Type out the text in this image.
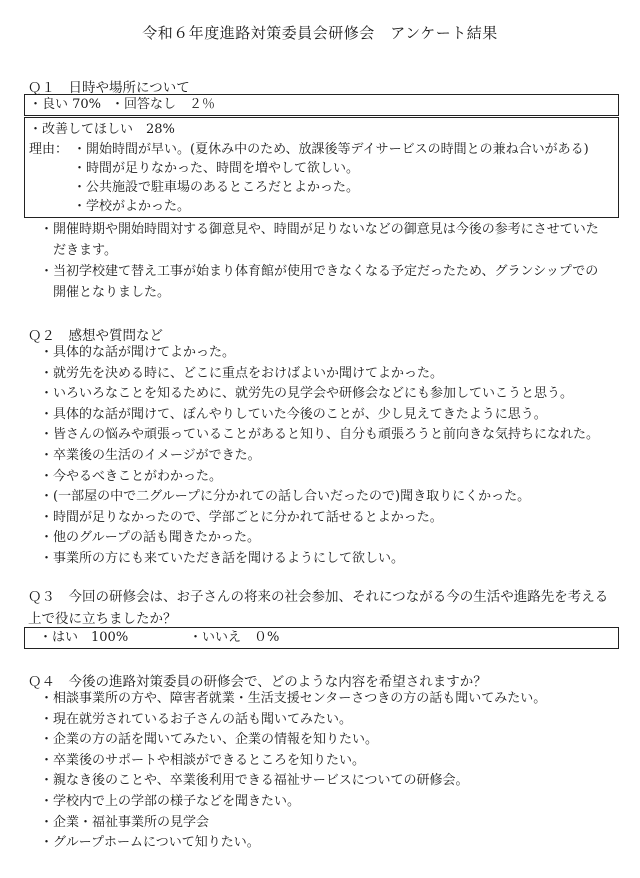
令和６年度進路対策委員会研修会　アンケート結果
Ｑ１　日時や場所について
・良い 70% ・回答なし　２％
・改善してほしい　28%
理由： ・開始時間が早い。(夏休み中のため、放課後等デイサービスの時間との兼ね合いがある)
・時間が足りなかった、時間を増やして欲しい。
・公共施設で駐車場のあるところだとよかった。
・学校がよかった。
・開催時期や開始時間対する御意見や、時間が足りないなどの御意見は今後の参考にさせていた
だきます。
・当初学校建て替え工事が始まり体育館が使用できなくなる予定だったため、グランシップでの
開催となりました。
Ｑ２　感想や質問など
・具体的な話が聞けてよかった。
・就労先を決める時に、どこに重点をおけばよいか聞けてよかった。
・いろいろなことを知るために、就労先の見学会や研修会などにも参加していこうと思う。
・具体的な話が聞けて、ぼんやりしていた今後のことが、少し見えてきたように思う。
・皆さんの悩みや頑張っていることがあると知り、自分も頑張ろうと前向きな気持ちになれた。
・卒業後の生活のイメージができた。
・今やるべきことがわかった。
・(一部屋の中で二グループに分かれての話し合いだったので)聞き取りにくかった。
・時間が足りなかったので、学部ごとに分かれて話せるとよかった。
・他のグループの話も聞きたかった。
・事業所の方にも来ていただき話を聞けるようにして欲しい。
Ｑ３　今回の研修会は、お子さんの将来の社会参加、それにつながる今の生活や進路先を考える上で役に立ちましたか？
・はい　100%	・いいえ　０%
Ｑ４　今後の進路対策委員の研修会で、どのような内容を希望されますか？
・相談事業所の方や、障害者就業・生活支援センターさつきの方の話も聞いてみたい。
・現在就労されているお子さんの話も聞いてみたい。
・企業の方の話を聞いてみたい、企業の情報を知りたい。
・卒業後のサポートや相談ができるところを知りたい。
・親なき後のことや、卒業後利用できる福祉サービスについての研修会。
・学校内で上の学部の様子などを聞きたい。
・企業・福祉事業所の見学会
・グループホームについて知りたい。
